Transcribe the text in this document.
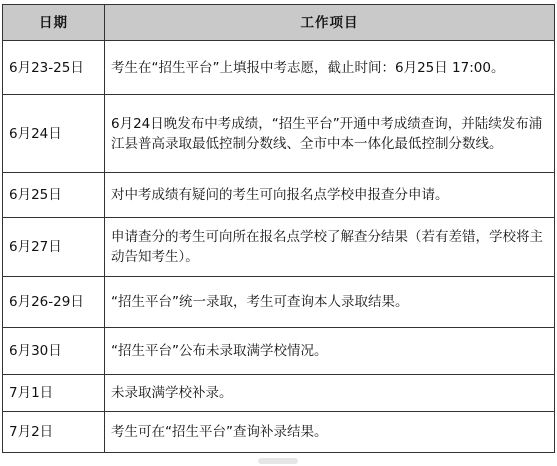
日期	工作项目
6月23-25日	考生在“招生平台”上填报中考志愿，截止时间：6月25日 17:00。
6月24日	6月24日晚发布中考成绩，“招生平台”开通中考成绩查询，并陆续发布浦江县普高录取最低控制分数线、全市中本一体化最低控制分数线。
6月25日	对中考成绩有疑问的考生可向报名点学校申报查分申请。
6月27日	申请查分的考生可向所在报名点学校了解查分结果（若有差错，学校将主动告知考生）。
6月26-29日	“招生平台”统一录取，考生可查询本人录取结果。
6月30日	“招生平台”公布未录取满学校情况。
7月1日	未录取满学校补录。
7月2日	考生可在“招生平台”查询补录结果。
